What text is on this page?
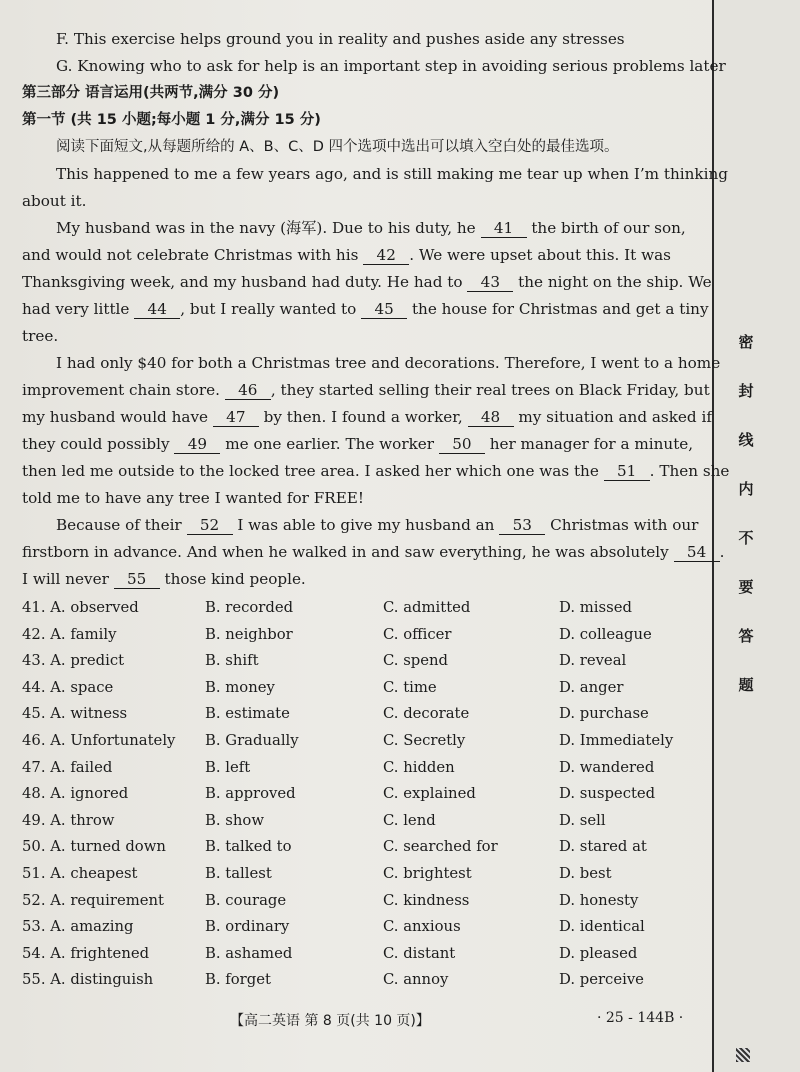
F. This exercise helps ground you in reality and pushes aside any stresses
G. Knowing who to ask for help is an important step in avoiding serious problems later
第三部分 语言运用(共两节,满分 30 分)
第一节 (共 15 小题;每小题 1 分,满分 15 分)
阅读下面短文,从每题所给的 A、B、C、D 四个选项中选出可以填入空白处的最佳选项。
This happened to me a few years ago, and is still making me tear up when I’m thinking
about it.
My husband was in the navy (海军). Due to his duty, he 41 the birth of our son,
and would not celebrate Christmas with his 42 . We were upset about this. It was
Thanksgiving week, and my husband had duty. He had to 43 the night on the ship. We
had very little 44 , but I really wanted to 45 the house for Christmas and get a tiny
tree.
I had only $40 for both a Christmas tree and decorations. Therefore, I went to a home
improvement chain store. 46 , they started selling their real trees on Black Friday, but
my husband would have 47 by then. I found a worker, 48 my situation and asked if
they could possibly 49 me one earlier. The worker 50 her manager for a minute,
then led me outside to the locked tree area. I asked her which one was the 51 . Then she
told me to have any tree I wanted for FREE!
Because of their 52 I was able to give my husband an 53 Christmas with our
firstborn in advance. And when he walked in and saw everything, he was absolutely 54 .
I will never 55 those kind people.
41. A. observed	B. recorded	C. admitted	D. missed
42. A. family	B. neighbor	C. officer	D. colleague
43. A. predict	B. shift	C. spend	D. reveal
44. A. space	B. money	C. time	D. anger
45. A. witness	B. estimate	C. decorate	D. purchase
46. A. Unfortunately	B. Gradually	C. Secretly	D. Immediately
47. A. failed	B. left	C. hidden	D. wandered
48. A. ignored	B. approved	C. explained	D. suspected
49. A. throw	B. show	C. lend	D. sell
50. A. turned down	B. talked to	C. searched for	D. stared at
51. A. cheapest	B. tallest	C. brightest	D. best
52. A. requirement	B. courage	C. kindness	D. honesty
53. A. amazing	B. ordinary	C. anxious	D. identical
54. A. frightened	B. ashamed	C. distant	D. pleased
55. A. distinguish	B. forget	C. annoy	D. perceive
【高二英语 第 8 页(共 10 页)】	· 25 - 144B ·
密
封
线
内
不
要
答
题
